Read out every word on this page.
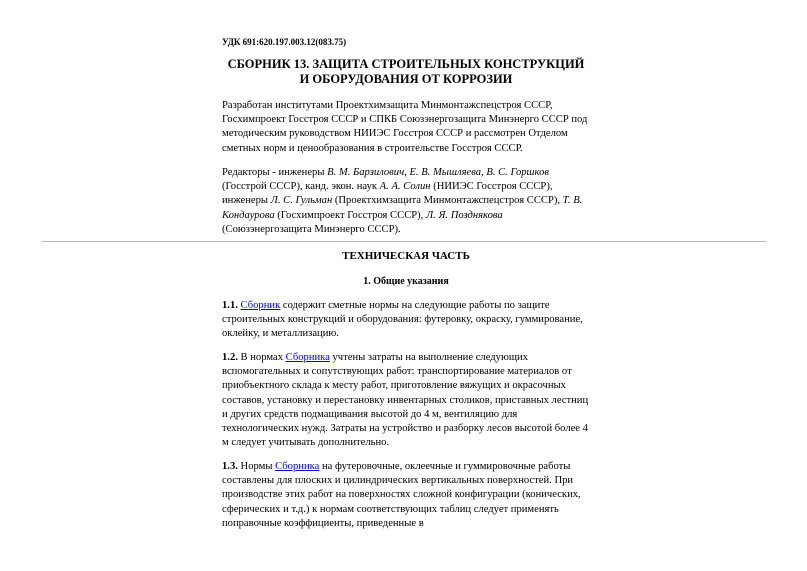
УДК 691:620.197.003.12(083.75)
СБОРНИК 13. ЗАЩИТА СТРОИТЕЛЬНЫХ КОНСТРУКЦИЙ
И ОБОРУДОВАНИЯ ОТ КОРРОЗИИ

Разработан институтами Проектхимзащита Минмонтажспецстроя СССР, Госхимпроект Госстроя СССР и СПКБ Союзэнергозащита Минэнерго СССР под методическим руководством НИИЭС Госстроя СССР и рассмотрен Отделом сметных норм и ценообразования в строительстве Госстроя СССР.

Редакторы - инженеры В. М. Барзилович, Е. В. Мышляева, В. С. Горшков (Госстрой СССР), канд. экон. наук А. А. Солин (НИИЭС Госстроя СССР), инженеры Л. С. Гульман (Проектхимзащита Минмонтажспецстроя СССР), Т. В. Кондаурова (Госхимпроект Госстроя СССР), Л. Я. Позднякова (Союзэнергозащита Минэнерго СССР).

ТЕХНИЧЕСКАЯ ЧАСТЬ
1. Общие указания

1.1. Сборник содержит сметные нормы на следующие работы по защите строительных конструкций и оборудования: футеровку, окраску, гуммирование, оклейку, и металлизацию.

1.2. В нормах Сборника учтены затраты на выполнение следующих вспомогательных и сопутствующих работ: транспортирование материалов от приобъектного склада к месту работ, приготовление вяжущих и окрасочных составов, установку и перестановку инвентарных столиков, приставных лестниц и других средств подмащивания высотой до 4 м, вентиляцию для технологических нужд. Затраты на устройство и разборку лесов высотой более 4 м следует учитывать дополнительно.

1.3. Нормы Сборника на футеровочные, оклеечные и гуммировочные работы составлены для плоских и цилиндрических вертикальных поверхностей. При производстве этих работ на поверхностях сложной конфигурации (конических, сферических и т.д.) к нормам соответствующих таблиц следует применять поправочные коэффициенты, приведенные в
